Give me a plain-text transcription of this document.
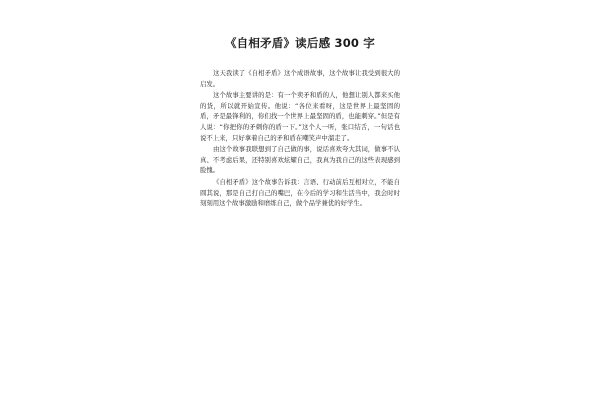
《自相矛盾》读后感 300 字

这天我读了《自相矛盾》这个成语故事，这个故事让我受到很大的启发。

这个故事主要讲的是：有一个卖矛和盾的人，他想让别人都来买他的货，所以就开始宣传。他说：“各位来看呀，这是世界上最坚固的盾，矛是最锋利的，你们找一个世界上最坚固的盾，也能刺穿。”但是有人说：“你把你的矛刺你的盾一下。”这个人一听，张口结舌，一句话也说不上来，只好拿着自己的矛和盾在嘲笑声中溜走了。

由这个故事我联想到了自己做的事，说话喜欢夸大其词，做事不认真、不考虑后果，还特别喜欢炫耀自己，我真为我自己的这些表现感到脸愧。

《自相矛盾》这个故事告诉我：言语、行动前后互相对立，不能自圆其说，那是自己打自己的嘴巴，在今后的学习和生活当中，我会时时刻刻用这个故事激励和磨练自己，做个品学兼优的好学生。
